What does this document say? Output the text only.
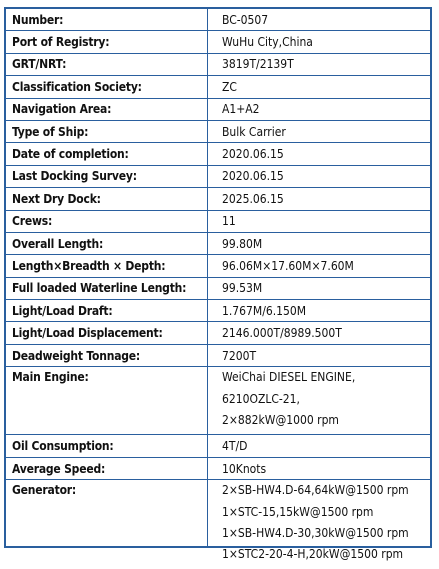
Number:	BC-0507
Port of Registry:	WuHu City,China
GRT/NRT:	3819T/2139T
Classification Society:	ZC
Navigation Area:	A1+A2
Type of Ship:	Bulk Carrier
Date of completion:	2020.06.15
Last Docking Survey:	2020.06.15
Next Dry Dock:	2025.06.15
Crews:	11
Overall Length:	99.80M
Length×Breadth × Depth:	96.06M×17.60M×7.60M
Full loaded Waterline Length:	99.53M
Light/Load Draft:	1.767M/6.150M
Light/Load Displacement:	2146.000T/8989.500T
Deadweight Tonnage:	7200T
Main Engine:	WeiChai DIESEL ENGINE,
6210OZLC-21,
2×882kW@1000 rpm

Oil Consumption:	4T/D
Average Speed:	10Knots
Generator:	2×SB-HW4.D-64,64kW@1500 rpm
1×STC-15,15kW@1500 rpm
1×SB-HW4.D-30,30kW@1500 rpm
1×STC2-20-4-H,20kW@1500 rpm
